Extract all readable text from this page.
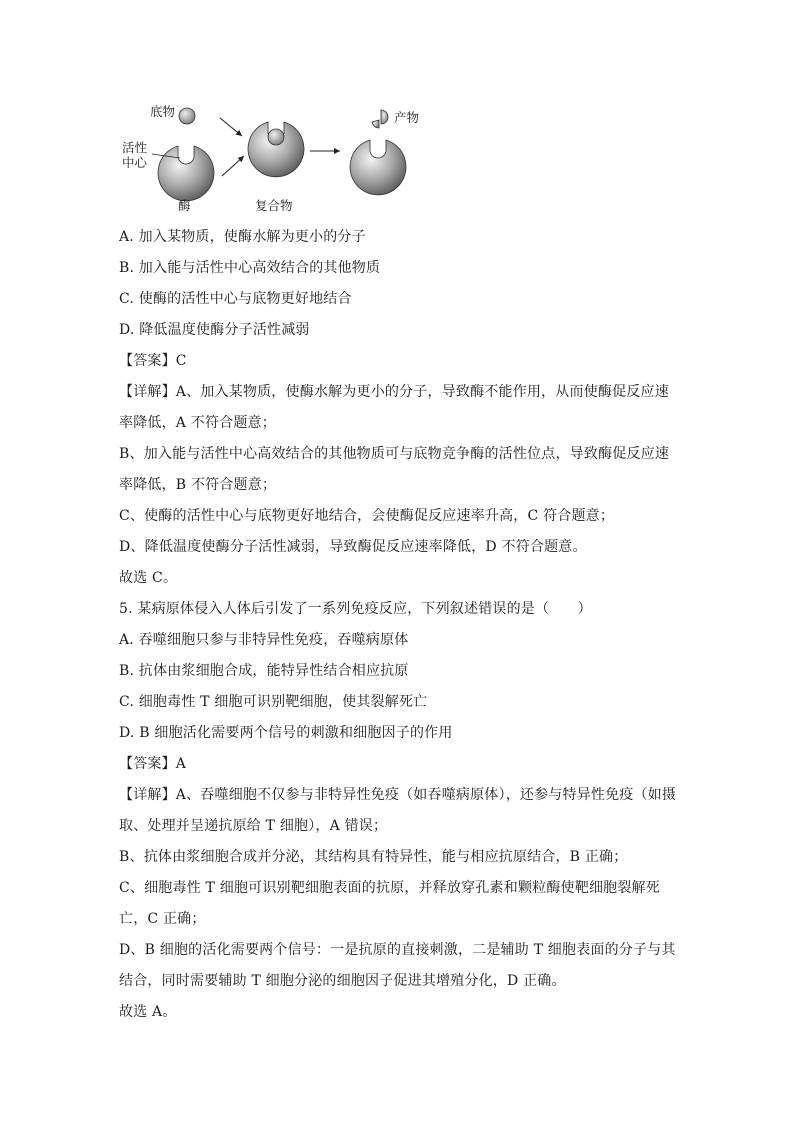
底物
活性
中心
酶	复合物
产物
A. 加入某物质，使酶水解为更小的分子
B. 加入能与活性中心高效结合的其他物质
C. 使酶的活性中心与底物更好地结合
D. 降低温度使酶分子活性减弱
【答案】C
【详解】A、加入某物质，使酶水解为更小的分子，导致酶不能作用，从而使酶促反应速
率降低，A 不符合题意；
B、加入能与活性中心高效结合的其他物质可与底物竞争酶的活性位点，导致酶促反应速
率降低，B 不符合题意；
C、使酶的活性中心与底物更好地结合，会使酶促反应速率升高，C 符合题意；
D、降低温度使酶分子活性减弱，导致酶促反应速率降低，D 不符合题意。
故选 C。
5. 某病原体侵入人体后引发了一系列免疫反应，下列叙述错误的是（　　）
A. 吞噬细胞只参与非特异性免疫，吞噬病原体
B. 抗体由浆细胞合成，能特异性结合相应抗原
C. 细胞毒性 T 细胞可识别靶细胞，使其裂解死亡
D. B 细胞活化需要两个信号的刺激和细胞因子的作用
【答案】A
【详解】A、吞噬细胞不仅参与非特异性免疫（如吞噬病原体），还参与特异性免疫（如摄
取、处理并呈递抗原给 T 细胞），A 错误；
B、抗体由浆细胞合成并分泌，其结构具有特异性，能与相应抗原结合，B 正确；
C、细胞毒性 T 细胞可识别靶细胞表面的抗原，并释放穿孔素和颗粒酶使靶细胞裂解死
亡，C 正确；
D、B 细胞的活化需要两个信号：一是抗原的直接刺激，二是辅助 T 细胞表面的分子与其
结合，同时需要辅助 T 细胞分泌的细胞因子促进其增殖分化，D 正确。
故选 A。
